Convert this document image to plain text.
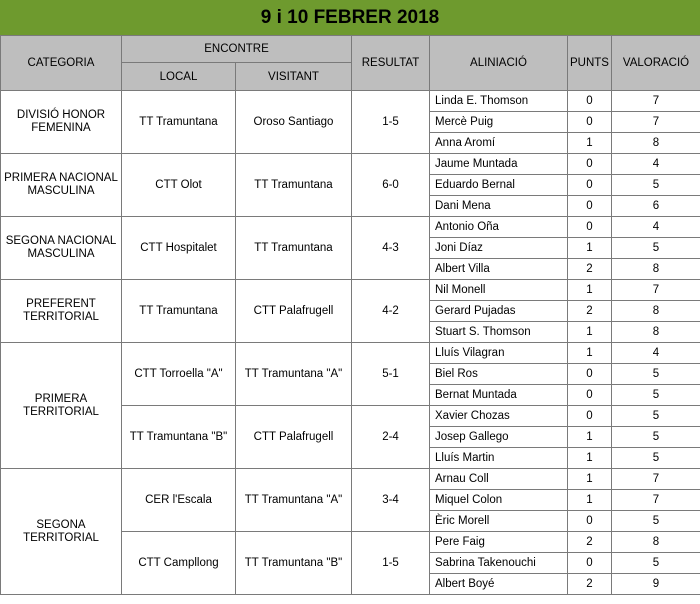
9 i 10 FEBRER 2018
CATEGORIA	ENCONTRE		RESULTAT	ALINIACIÓ	PUNTS	VALORACIÓ
	LOCAL	VISITANT				
DIVISIÓ HONOR FEMENINA	TT Tramuntana	Oroso Santiago	1-5	Linda E. Thomson	0	7
				Mercè Puig	0	7
				Anna Aromí	1	8
PRIMERA NACIONAL MASCULINA	CTT Olot	TT Tramuntana	6-0	Jaume Muntada	0	4
				Eduardo Bernal	0	5
				Dani Mena	0	6
SEGONA NACIONAL MASCULINA	CTT Hospitalet	TT Tramuntana	4-3	Antonio Oña	0	4
				Joni Díaz	1	5
				Albert Villa	2	8
PREFERENT TERRITORIAL	TT Tramuntana	CTT Palafrugell	4-2	Nil Monell	1	7
				Gerard Pujadas	2	8
				Stuart S. Thomson	1	8
PRIMERA TERRITORIAL	CTT Torroella "A"	TT Tramuntana "A"	5-1	Lluís Vilagran	1	4
				Biel Ros	0	5
				Bernat Muntada	0	5
	TT Tramuntana "B"	CTT Palafrugell	2-4	Xavier Chozas	0	5
				Josep Gallego	1	5
				Lluís Martin	1	5
SEGONA TERRITORIAL	CER l'Escala	TT Tramuntana "A"	3-4	Arnau Coll	1	7
				Miquel Colon	1	7
				Èric Morell	0	5
	CTT Campllong	TT Tramuntana "B"	1-5	Pere Faig	2	8
				Sabrina Takenouchi	0	5
				Albert Boyé	2	9
